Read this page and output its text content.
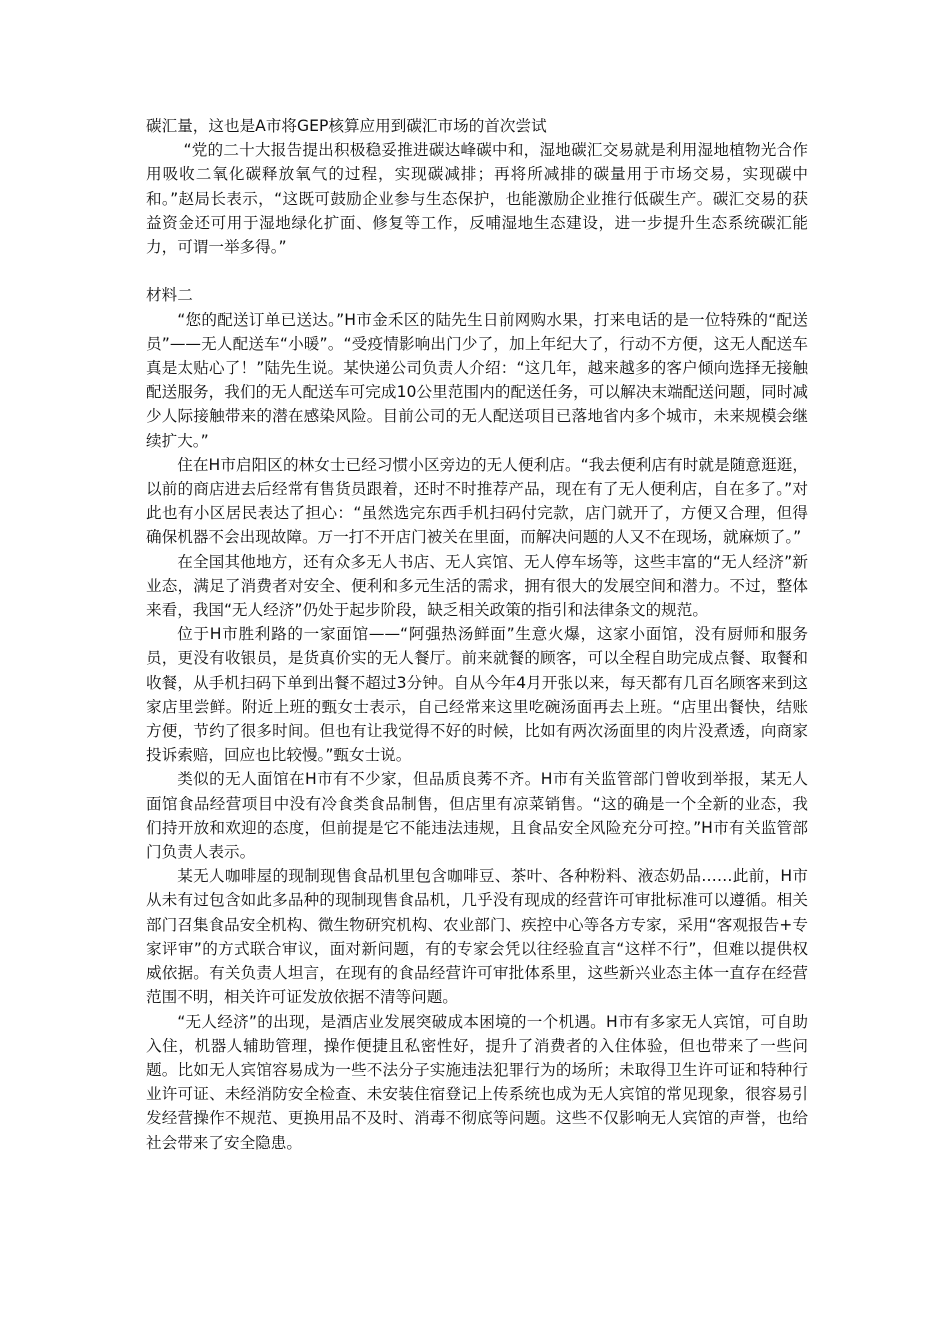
碳汇量，这也是A市将GEP核算应用到碳汇市场的首次尝试

“党的二十大报告提出积极稳妥推进碳达峰碳中和，湿地碳汇交易就是利用湿地植物光合作用吸收二氧化碳释放氧气的过程，实现碳减排；再将所减排的碳量用于市场交易，实现碳中和。”赵局长表示，“这既可鼓励企业参与生态保护，也能激励企业推行低碳生产。碳汇交易的获益资金还可用于湿地绿化扩面、修复等工作，反哺湿地生态建设，进一步提升生态系统碳汇能力，可谓一举多得。”

材料二

“您的配送订单已送达。”H市金禾区的陆先生日前网购水果，打来电话的是一位特殊的“配送员”——无人配送车“小暖”。“受疫情影响出门少了，加上年纪大了，行动不方便，这无人配送车真是太贴心了！”陆先生说。某快递公司负责人介绍：“这几年，越来越多的客户倾向选择无接触配送服务，我们的无人配送车可完成10公里范围内的配送任务，可以解决末端配送问题，同时减少人际接触带来的潜在感染风险。目前公司的无人配送项目已落地省内多个城市，未来规模会继续扩大。”

住在H市启阳区的林女士已经习惯小区旁边的无人便利店。“我去便利店有时就是随意逛逛，以前的商店进去后经常有售货员跟着，还时不时推荐产品，现在有了无人便利店，自在多了。”对此也有小区居民表达了担心：“虽然选完东西手机扫码付完款，店门就开了，方便又合理，但得确保机器不会出现故障。万一打不开店门被关在里面，而解决问题的人又不在现场，就麻烦了。”

在全国其他地方，还有众多无人书店、无人宾馆、无人停车场等，这些丰富的“无人经济”新业态，满足了消费者对安全、便利和多元生活的需求，拥有很大的发展空间和潜力。不过，整体来看，我国“无人经济”仍处于起步阶段，缺乏相关政策的指引和法律条文的规范。

位于H市胜利路的一家面馆——“阿强热汤鲜面”生意火爆，这家小面馆，没有厨师和服务员，更没有收银员，是货真价实的无人餐厅。前来就餐的顾客，可以全程自助完成点餐、取餐和收餐，从手机扫码下单到出餐不超过3分钟。自从今年4月开张以来，每天都有几百名顾客来到这家店里尝鲜。附近上班的甄女士表示，自己经常来这里吃碗汤面再去上班。“店里出餐快，结账方便，节约了很多时间。但也有让我觉得不好的时候，比如有两次汤面里的肉片没煮透，向商家投诉索赔，回应也比较慢。”甄女士说。

类似的无人面馆在H市有不少家，但品质良莠不齐。H市有关监管部门曾收到举报，某无人面馆食品经营项目中没有冷食类食品制售，但店里有凉菜销售。“这的确是一个全新的业态，我们持开放和欢迎的态度，但前提是它不能违法违规，且食品安全风险充分可控。”H市有关监管部门负责人表示。

某无人咖啡屋的现制现售食品机里包含咖啡豆、茶叶、各种粉料、液态奶品……此前，H市从未有过包含如此多品种的现制现售食品机，几乎没有现成的经营许可审批标准可以遵循。相关部门召集食品安全机构、微生物研究机构、农业部门、疾控中心等各方专家，采用“客观报告+专家评审”的方式联合审议，面对新问题，有的专家会凭以往经验直言“这样不行”，但难以提供权威依据。有关负责人坦言，在现有的食品经营许可审批体系里，这些新兴业态主体一直存在经营范围不明，相关许可证发放依据不清等问题。

“无人经济”的出现，是酒店业发展突破成本困境的一个机遇。H市有多家无人宾馆，可自助入住，机器人辅助管理，操作便捷且私密性好，提升了消费者的入住体验，但也带来了一些问题。比如无人宾馆容易成为一些不法分子实施违法犯罪行为的场所；未取得卫生许可证和特种行业许可证、未经消防安全检查、未安装住宿登记上传系统也成为无人宾馆的常见现象，很容易引发经营操作不规范、更换用品不及时、消毒不彻底等问题。这些不仅影响无人宾馆的声誉，也给社会带来了安全隐患。
